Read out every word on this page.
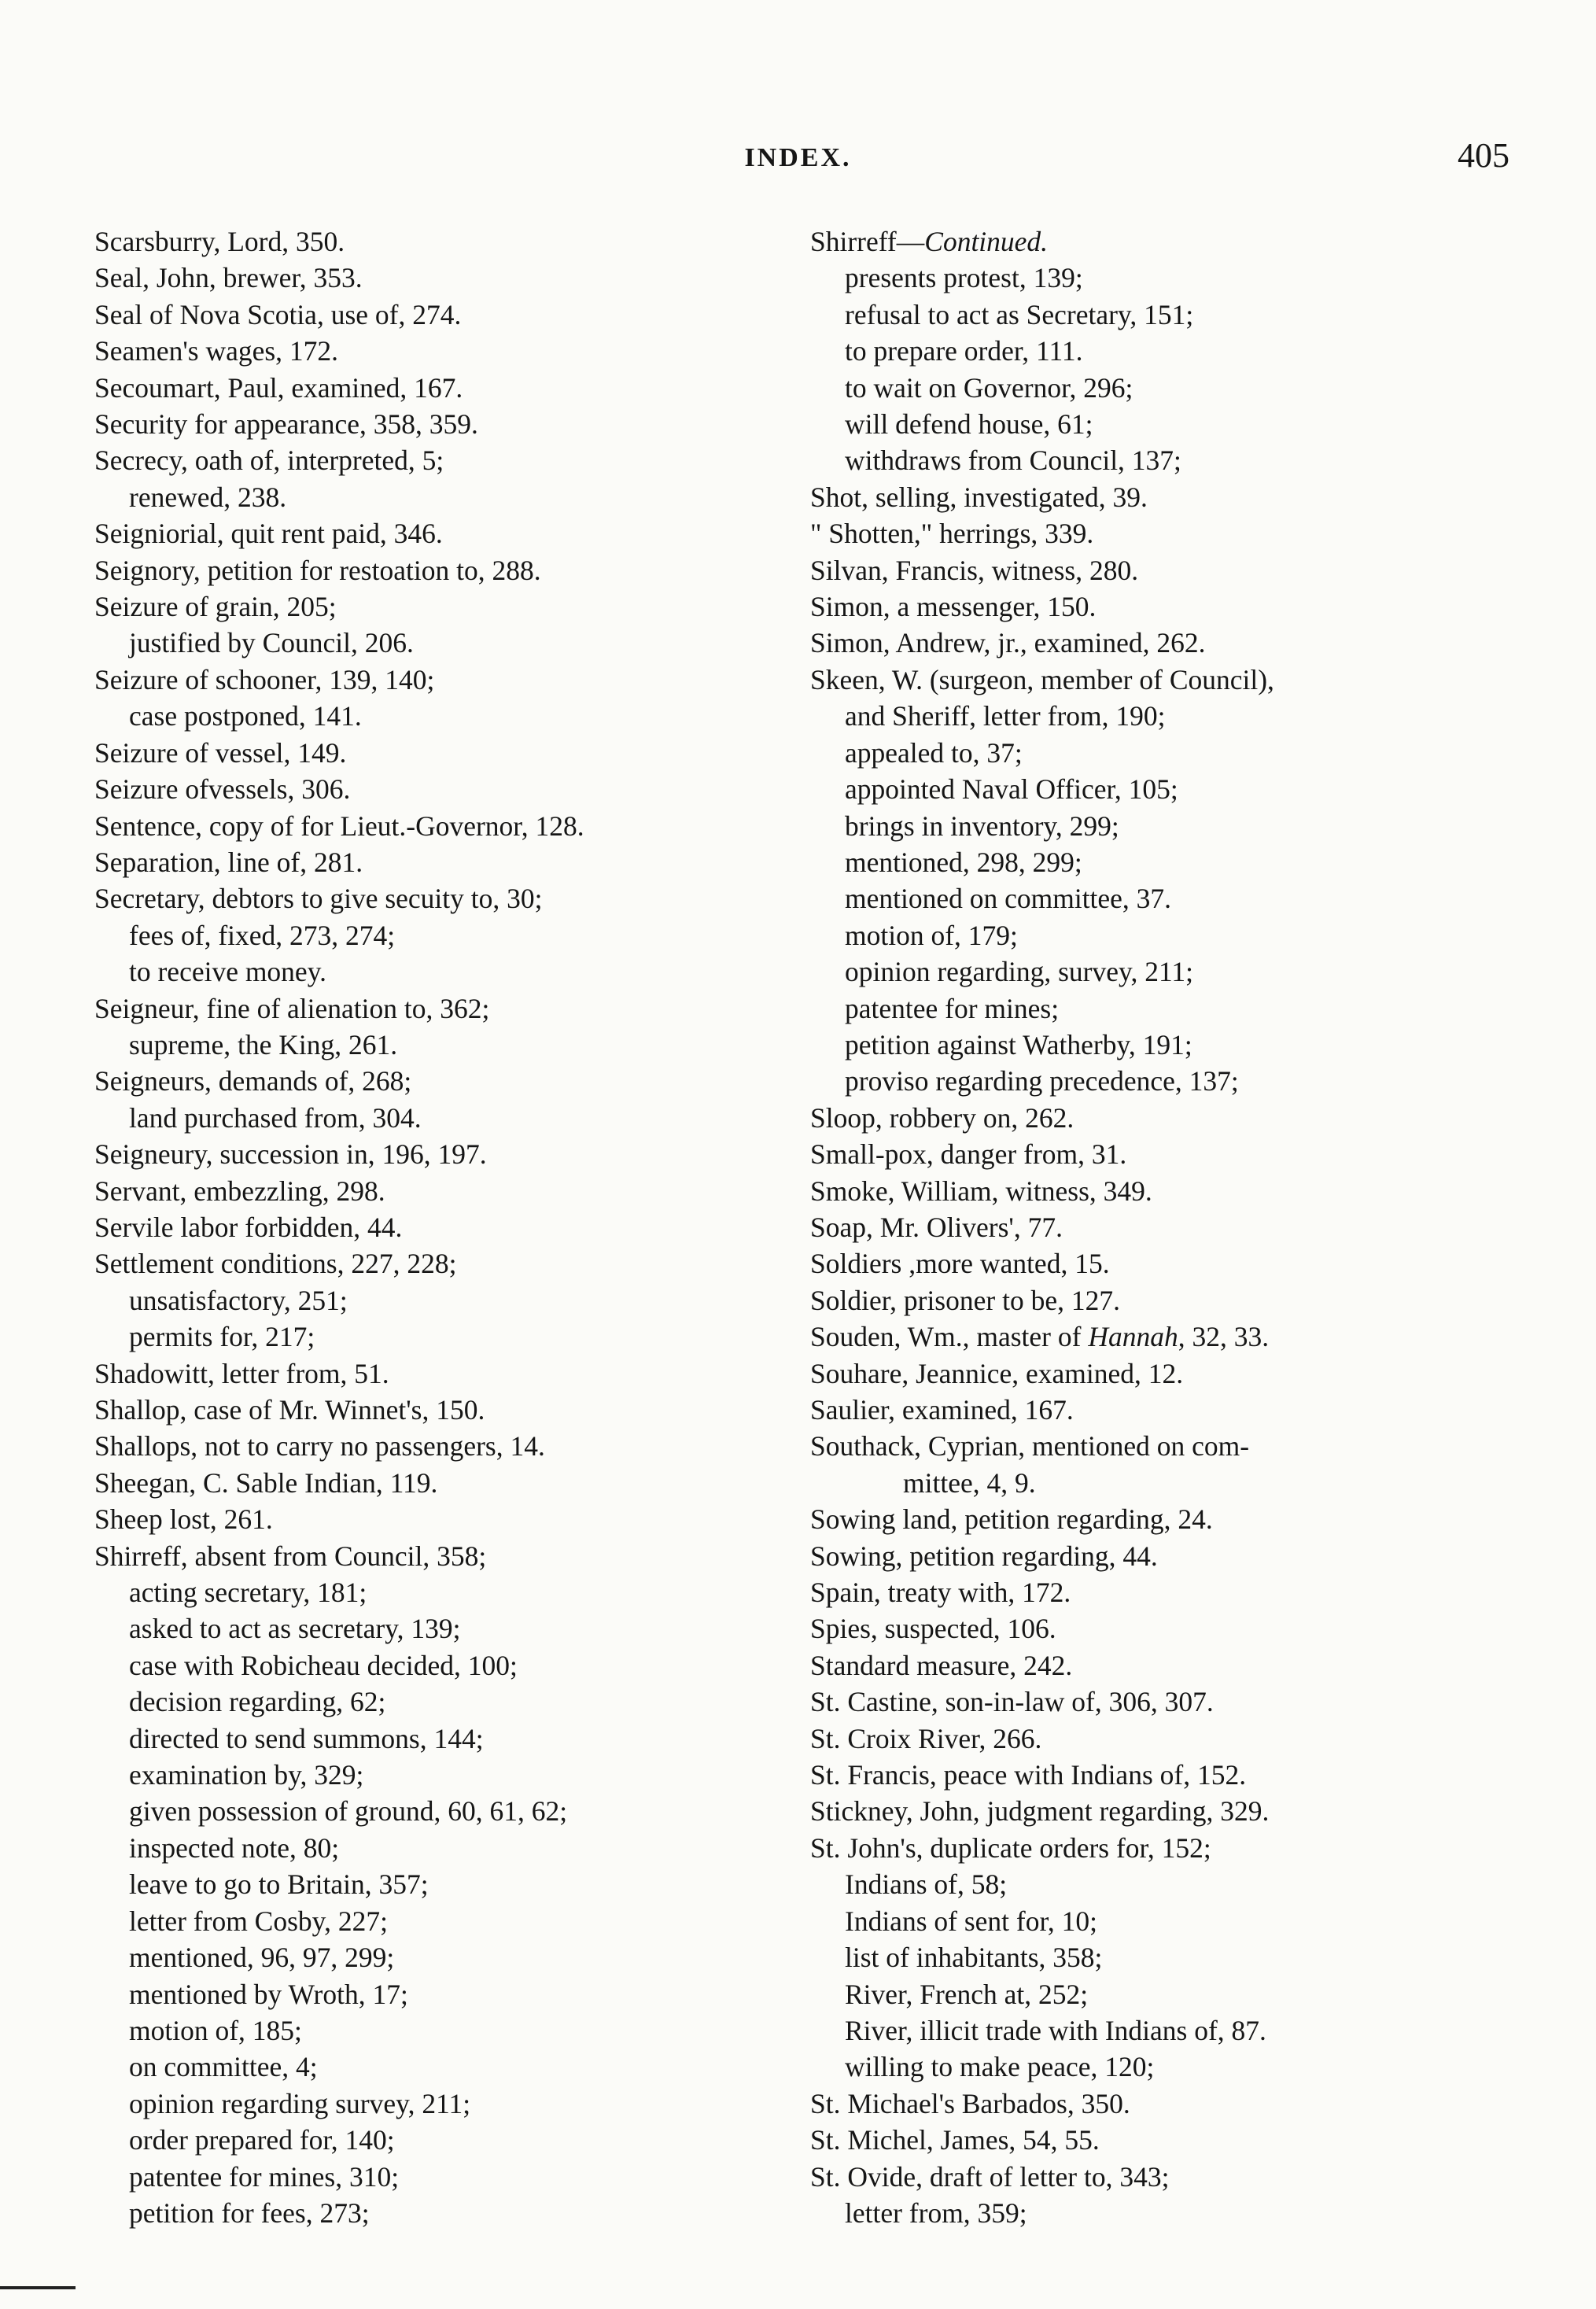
INDEX.	405
Scarsburry, Lord, 350.
Seal, John, brewer, 353.
Seal of Nova Scotia, use of, 274.
Seamen's wages, 172.
Secoumart, Paul, examined, 167.
Security for appearance, 358, 359.
Secrecy, oath of, interpreted, 5;
renewed, 238.
Seigniorial, quit rent paid, 346.
Seignory, petition for restoation to, 288.
Seizure of grain, 205;
justified by Council, 206.
Seizure of schooner, 139, 140;
case postponed, 141.
Seizure of vessel, 149.
Seizure ofvessels, 306.
Sentence, copy of for Lieut.-Governor, 128.
Separation, line of, 281.
Secretary, debtors to give secuity to, 30;
fees of, fixed, 273, 274;
to receive money.
Seigneur, fine of alienation to, 362;
supreme, the King, 261.
Seigneurs, demands of, 268;
land purchased from, 304.
Seigneury, succession in, 196, 197.
Servant, embezzling, 298.
Servile labor forbidden, 44.
Settlement conditions, 227, 228;
unsatisfactory, 251;
permits for, 217;
Shadowitt, letter from, 51.
Shallop, case of Mr. Winnet's, 150.
Shallops, not to carry no passengers, 14.
Sheegan, C. Sable Indian, 119.
Sheep lost, 261.
Shirreff, absent from Council, 358;
acting secretary, 181;
asked to act as secretary, 139;
case with Robicheau decided, 100;
decision regarding, 62;
directed to send summons, 144;
examination by, 329;
given possession of ground, 60, 61, 62;
inspected note, 80;
leave to go to Britain, 357;
letter from Cosby, 227;
mentioned, 96, 97, 299;
mentioned by Wroth, 17;
motion of, 185;
on committee, 4;
opinion regarding survey, 211;
order prepared for, 140;
patentee for mines, 310;
petition for fees, 273;
Shirreff—Continued.
presents protest, 139;
refusal to act as Secretary, 151;
to prepare order, 111.
to wait on Governor, 296;
will defend house, 61;
withdraws from Council, 137;
Shot, selling, investigated, 39.
" Shotten," herrings, 339.
Silvan, Francis, witness, 280.
Simon, a messenger, 150.
Simon, Andrew, jr., examined, 262.
Skeen, W. (surgeon, member of Council),
and Sheriff, letter from, 190;
appealed to, 37;
appointed Naval Officer, 105;
brings in inventory, 299;
mentioned, 298, 299;
mentioned on committee, 37.
motion of, 179;
opinion regarding, survey, 211;
patentee for mines;
petition against Watherby, 191;
proviso regarding precedence, 137;
Sloop, robbery on, 262.
Small-pox, danger from, 31.
Smoke, William, witness, 349.
Soap, Mr. Olivers', 77.
Soldiers ,more wanted, 15.
Soldier, prisoner to be, 127.
Souden, Wm., master of Hannah, 32, 33.
Souhare, Jeannice, examined, 12.
Saulier, examined, 167.
Southack, Cyprian, mentioned on com-
mittee, 4, 9.
Sowing land, petition regarding, 24.
Sowing, petition regarding, 44.
Spain, treaty with, 172.
Spies, suspected, 106.
Standard measure, 242.
St. Castine, son-in-law of, 306, 307.
St. Croix River, 266.
St. Francis, peace with Indians of, 152.
Stickney, John, judgment regarding, 329.
St. John's, duplicate orders for, 152;
Indians of, 58;
Indians of sent for, 10;
list of inhabitants, 358;
River, French at, 252;
River, illicit trade with Indians of, 87.
willing to make peace, 120;
St. Michael's Barbados, 350.
St. Michel, James, 54, 55.
St. Ovide, draft of letter to, 343;
letter from, 359;
